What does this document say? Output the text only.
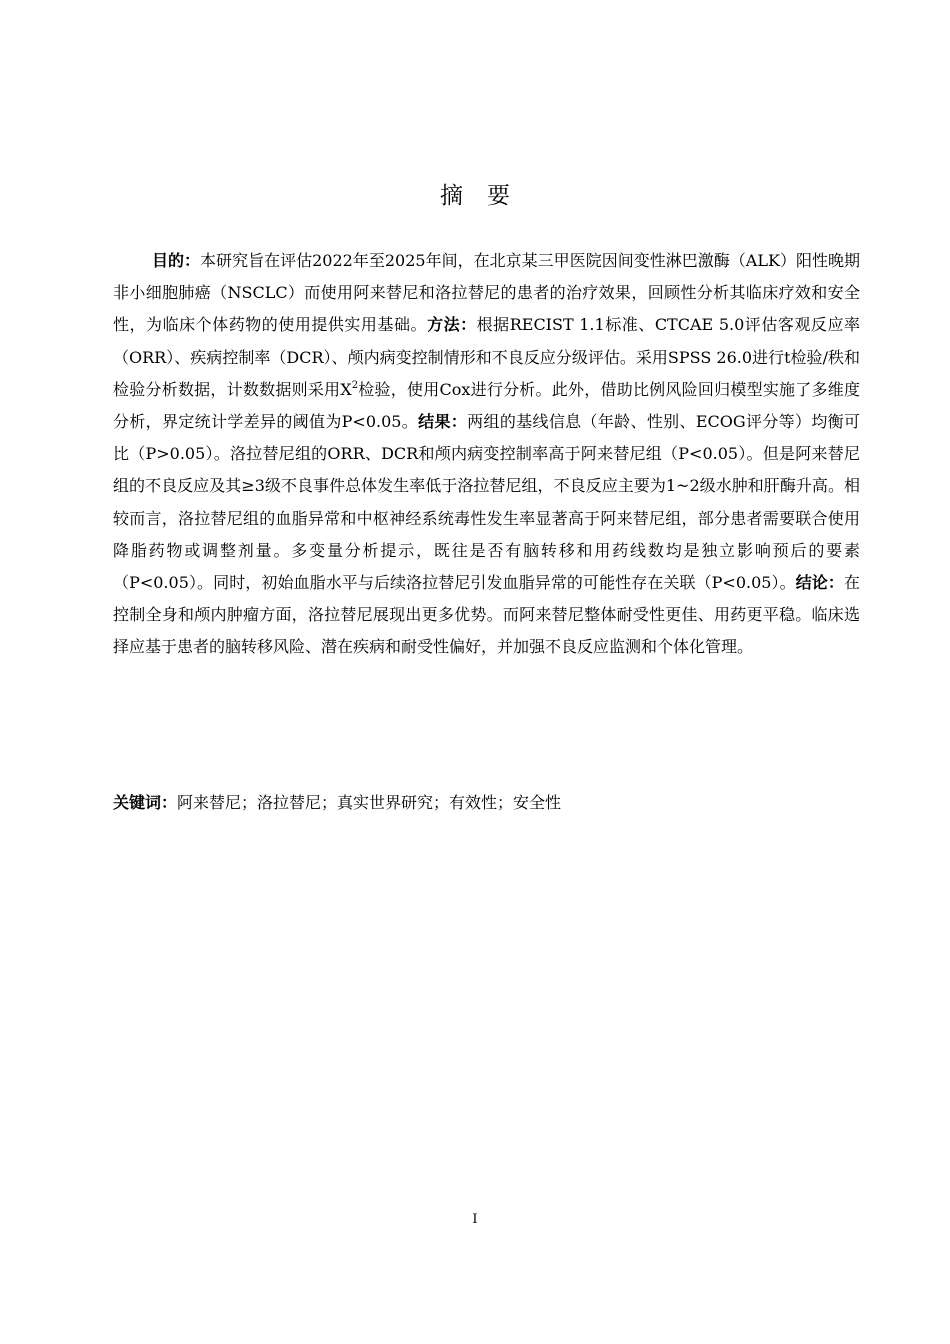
摘要

目的：本研究旨在评估2022年至2025年间，在北京某三甲医院因间变性淋巴激酶（ALK）阳性晚期非小细胞肺癌（NSCLC）而使用阿来替尼和洛拉替尼的患者的治疗效果，回顾性分析其临床疗效和安全性，为临床个体药物的使用提供实用基础。方法：根据RECIST 1.1标准、CTCAE 5.0评估客观反应率（ORR）、疾病控制率（DCR）、颅内病变控制情形和不良反应分级评估。采用SPSS 26.0进行t检验/秩和检验分析数据，计数数据则采用$X^2$检验，使用Cox进行分析。此外，借助比例风险回归模型实施了多维度分析，界定统计学差异的阈值为P<0.05。结果：两组的基线信息（年龄、性别、ECOG评分等）均衡可比（P>0.05）。洛拉替尼组的ORR、DCR和颅内病变控制率高于阿来替尼组（P<0.05）。但是阿来替尼组的不良反应及其≥3级不良事件总体发生率低于洛拉替尼组，不良反应主要为1~2级水肿和肝酶升高。相较而言，洛拉替尼组的血脂异常和中枢神经系统毒性发生率显著高于阿来替尼组，部分患者需要联合使用降脂药物或调整剂量。多变量分析提示，既往是否有脑转移和用药线数均是独立影响预后的要素（P<0.05）。同时，初始血脂水平与后续洛拉替尼引发血脂异常的可能性存在关联（P<0.05）。结论：在控制全身和颅内肿瘤方面，洛拉替尼展现出更多优势。而阿来替尼整体耐受性更佳、用药更平稳。临床选择应基于患者的脑转移风险、潜在疾病和耐受性偏好，并加强不良反应监测和个体化管理。

关键词：阿来替尼；洛拉替尼；真实世界研究；有效性；安全性

I
